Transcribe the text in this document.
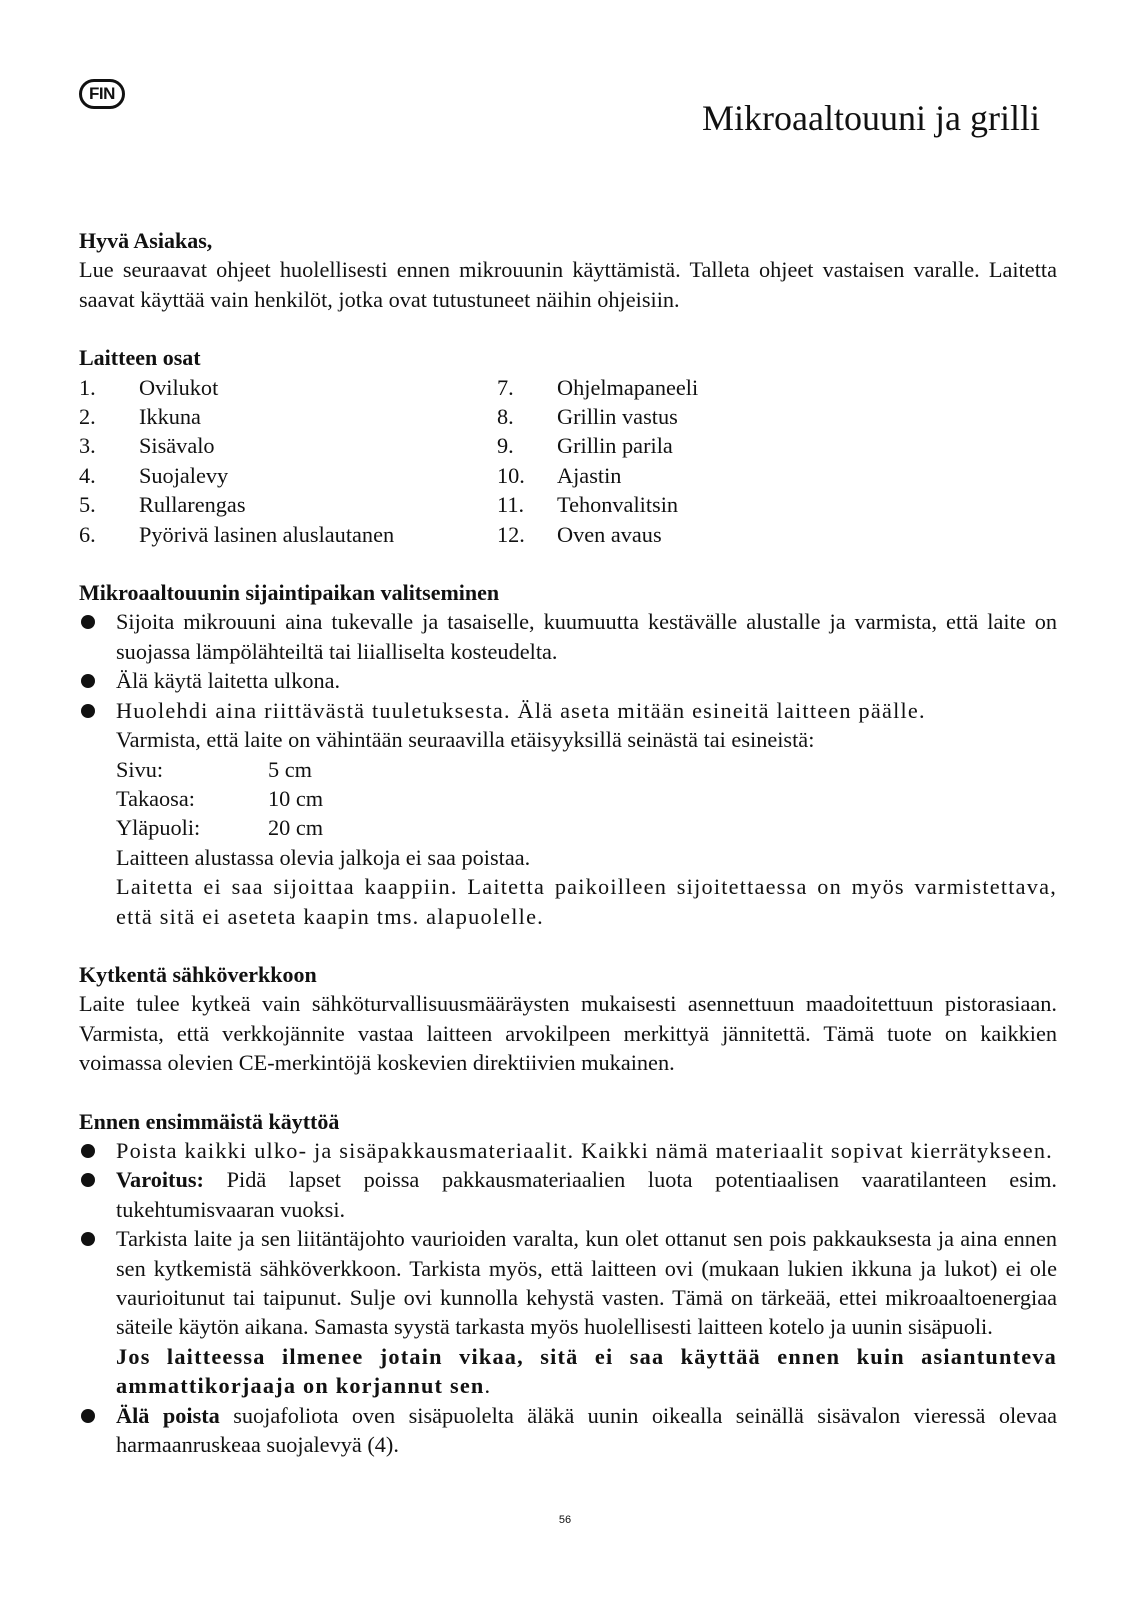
FIN
Mikroaaltouuni ja grilli
Hyvä Asiakas,

Lue seuraavat ohjeet huolellisesti ennen mikrouunin käyttämistä. Talleta ohjeet vastaisen varalle. Laitetta saavat käyttää vain henkilöt, jotka ovat tutustuneet näihin ohjeisiin.

Laitteen osat
1.	Ovilukot	7.	Ohjelmapaneeli
2.	Ikkuna	8.	Grillin vastus
3.	Sisävalo	9.	Grillin parila
4.	Suojalevy	10.	Ajastin
5.	Rullarengas	11.	Tehonvalitsin
6.	Pyörivä lasinen aluslautanen	12.	Oven avaus
Mikroaaltouunin sijaintipaikan valitseminen
Sijoita mikrouuni aina tukevalle ja tasaiselle, kuumuutta kestävälle alustalle ja varmista, että laite on suojassa lämpölähteiltä tai liialliselta kosteudelta.
Älä käytä laitetta ulkona.
Huolehdi aina riittävästä tuuletuksesta. Älä aseta mitään esineitä laitteen päälle.
Varmista, että laite on vähintään seuraavilla etäisyyksillä seinästä tai esineistä:
Sivu:	5 cm
Takaosa:	10 cm
Yläpuoli:	20 cm
Laitteen alustassa olevia jalkoja ei saa poistaa.
Laitetta ei saa sijoittaa kaappiin. Laitetta paikoilleen sijoitettaessa on myös varmistettava, että sitä ei aseteta kaapin tms. alapuolelle.
Kytkentä sähköverkkoon

Laite tulee kytkeä vain sähköturvallisuusmääräysten mukaisesti asennettuun maadoitettuun pistorasiaan. Varmista, että verkkojännite vastaa laitteen arvokilpeen merkittyä jännitettä. Tämä tuote on kaikkien voimassa olevien CE-merkintöjä koskevien direktiivien mukainen.

Ennen ensimmäistä käyttöä
Poista kaikki ulko- ja sisäpakkausmateriaalit. Kaikki nämä materiaalit sopivat kierrätykseen.
Varoitus: Pidä lapset poissa pakkausmateriaalien luota potentiaalisen vaaratilanteen esim. tukehtumisvaaran vuoksi.
Tarkista laite ja sen liitäntäjohto vaurioiden varalta, kun olet ottanut sen pois pakkauksesta ja aina ennen sen kytkemistä sähköverkkoon. Tarkista myös, että laitteen ovi (mukaan lukien ikkuna ja lukot) ei ole vaurioitunut tai taipunut. Sulje ovi kunnolla kehystä vasten. Tämä on tärkeää, ettei mikroaaltoenergiaa säteile käytön aikana. Samasta syystä tarkasta myös huolellisesti laitteen kotelo ja uunin sisäpuoli.
Jos laitteessa ilmenee jotain vikaa, sitä ei saa käyttää ennen kuin asiantunteva ammattikorjaaja on korjannut sen.
Älä poista suojafoliota oven sisäpuolelta äläkä uunin oikealla seinällä sisävalon vieressä olevaa harmaanruskeaa suojalevyä (4).
56
